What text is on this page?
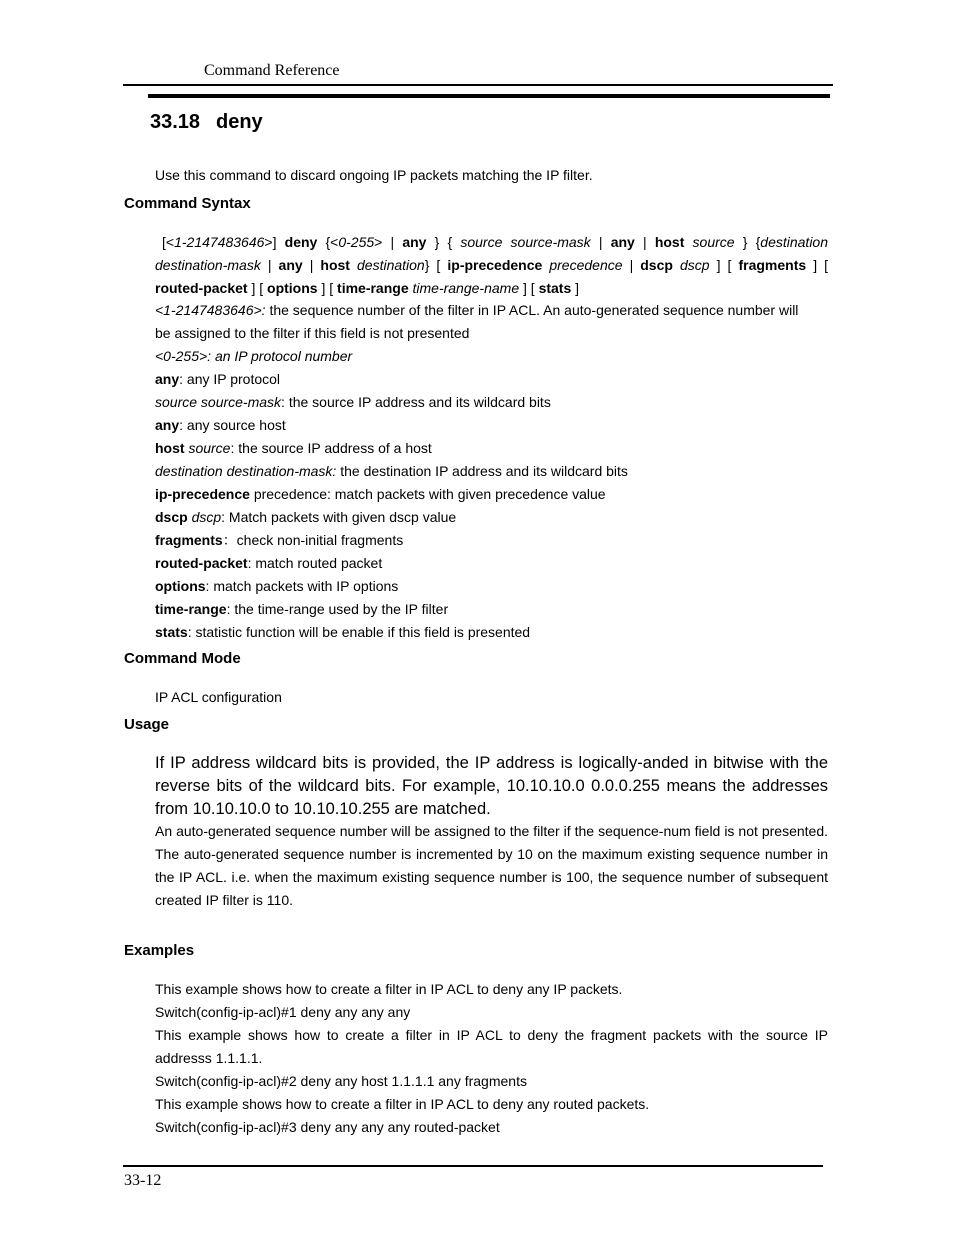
Command Reference
33.18 deny
Use this command to discard ongoing IP packets matching the IP filter.
Command Syntax
[<1-2147483646>] deny {<0-255> | any } { source source-mask | any | host source } {destination destination-mask | any | host destination} [ ip-precedence precedence | dscp dscp ] [ fragments ] [ routed-packet ] [ options ] [ time-range time-range-name ] [ stats ]
<1-2147483646>: the sequence number of the filter in IP ACL. An auto-generated sequence number will
be assigned to the filter if this field is not presented
<0-255>: an IP protocol number
any: any IP protocol
source source-mask: the source IP address and its wildcard bits
any: any source host
host source: the source IP address of a host
destination destination-mask: the destination IP address and its wildcard bits
ip-precedence precedence: match packets with given precedence value
dscp dscp: Match packets with given dscp value
fragments：check non-initial fragments
routed-packet: match routed packet
options: match packets with IP options
time-range: the time-range used by the IP filter
stats: statistic function will be enable if this field is presented
Command Mode
IP ACL configuration
Usage
If IP address wildcard bits is provided, the IP address is logically-anded in bitwise with the reverse bits of the wildcard bits. For example, 10.10.10.0 0.0.0.255 means the addresses from 10.10.10.0 to 10.10.10.255 are matched.
An auto-generated sequence number will be assigned to the filter if the sequence-num field is not presented. The auto-generated sequence number is incremented by 10 on the maximum existing sequence number in the IP ACL. i.e. when the maximum existing sequence number is 100, the sequence number of subsequent created IP filter is 110.
Examples
This example shows how to create a filter in IP ACL to deny any IP packets.
Switch(config-ip-acl)#1 deny any any any
This example shows how to create a filter in IP ACL to deny the fragment packets with the source IP addresss 1.1.1.1.
Switch(config-ip-acl)#2 deny any host 1.1.1.1 any fragments
This example shows how to create a filter in IP ACL to deny any routed packets.
Switch(config-ip-acl)#3 deny any any any routed-packet
33-12
